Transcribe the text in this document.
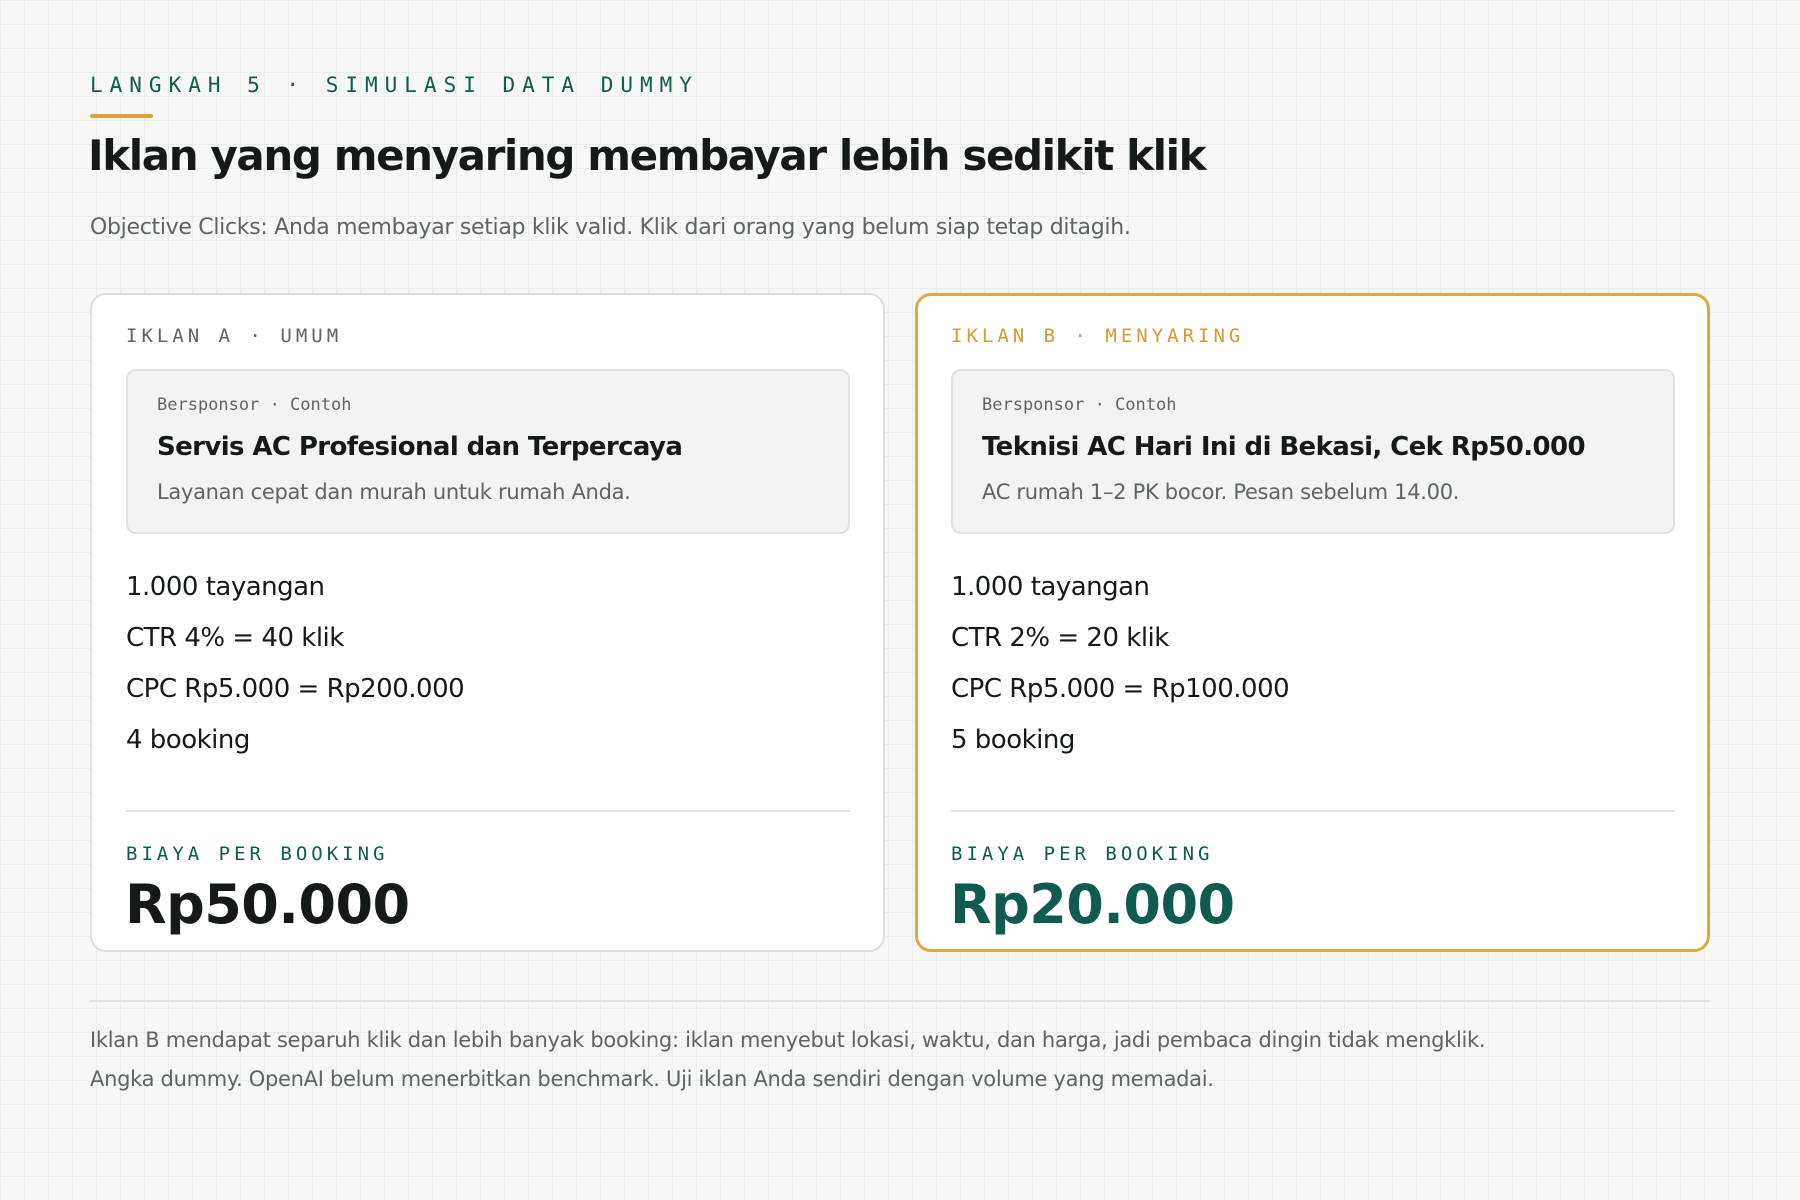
LANGKAH 5 · SIMULASI DATA DUMMY
Iklan yang menyaring membayar lebih sedikit klik
Objective Clicks: Anda membayar setiap klik valid. Klik dari orang yang belum siap tetap ditagih.
IKLAN A · UMUM
Bersponsor · Contoh
Servis AC Profesional dan Terpercaya
Layanan cepat dan murah untuk rumah Anda.
1.000 tayangan
CTR 4% = 40 klik
CPC Rp5.000 = Rp200.000
4 booking
BIAYA PER BOOKING
Rp50.000
IKLAN B · MENYARING
Bersponsor · Contoh
Teknisi AC Hari Ini di Bekasi, Cek Rp50.000
AC rumah 1–2 PK bocor. Pesan sebelum 14.00.
1.000 tayangan
CTR 2% = 20 klik
CPC Rp5.000 = Rp100.000
5 booking
BIAYA PER BOOKING
Rp20.000
Iklan B mendapat separuh klik dan lebih banyak booking: iklan menyebut lokasi, waktu, dan harga, jadi pembaca dingin tidak mengklik.
Angka dummy. OpenAI belum menerbitkan benchmark. Uji iklan Anda sendiri dengan volume yang memadai.
